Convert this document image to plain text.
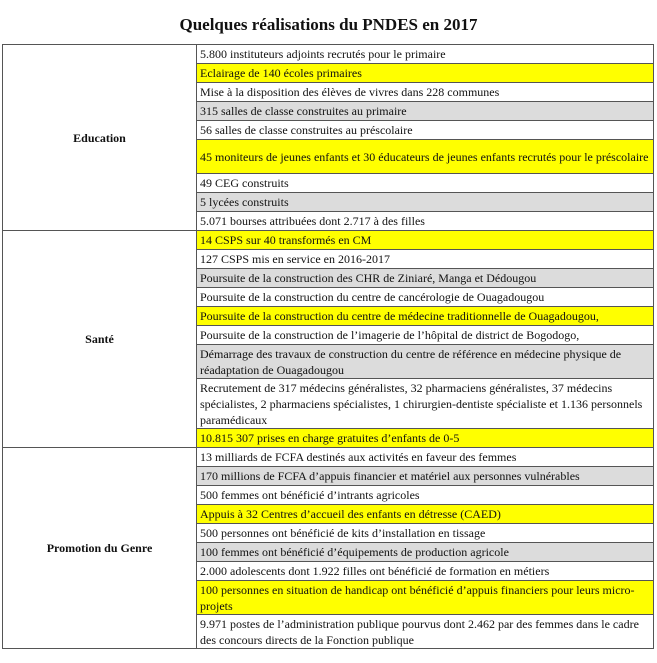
Quelques réalisations du PNDES en 2017
Education	5.800 instituteurs adjoints recrutés pour le primaire
	Eclairage de 140 écoles primaires
	Mise à la disposition des élèves de vivres dans 228 communes
	315 salles de classe construites au primaire
	56 salles de classe construites au préscolaire
	45 moniteurs de jeunes enfants et 30 éducateurs de jeunes enfants recrutés pour le préscolaire
	49 CEG construits
	5 lycées construits
	5.071 bourses attribuées dont 2.717 à des filles
Santé	14 CSPS sur 40 transformés en CM
	127 CSPS mis en service en 2016-2017
	Poursuite de la construction des CHR de Ziniaré, Manga et Dédougou
	Poursuite de la construction du centre de cancérologie de Ouagadougou
	Poursuite de la construction du centre de médecine traditionnelle de Ouagadougou,
	Poursuite de la construction de l’imagerie de l’hôpital de district de Bogodogo,
	Démarrage des travaux de construction du centre de référence en médecine physique de réadaptation de Ouagadougou
	Recrutement de 317 médecins généralistes, 32 pharmaciens généralistes, 37 médecins spécialistes, 2 pharmaciens spécialistes, 1 chirurgien-dentiste spécialiste et 1.136 personnels paramédicaux
	10.815 307 prises en charge gratuites d’enfants de 0-5
Promotion du Genre	13 milliards de FCFA destinés aux activités en faveur des femmes
	170 millions de FCFA d’appuis financier et matériel aux personnes vulnérables
	500 femmes ont bénéficié d’intrants agricoles
	Appuis à 32 Centres d’accueil des enfants en détresse (CAED)
	500 personnes ont bénéficié de kits d’installation en tissage
	100 femmes ont bénéficié d’équipements de production agricole
	2.000 adolescents dont 1.922 filles ont bénéficié de formation en métiers
	100 personnes en situation de handicap ont bénéficié d’appuis financiers pour leurs micro-projets
	9.971 postes de l’administration publique pourvus dont 2.462 par des femmes dans le cadre des concours directs de la Fonction publique
